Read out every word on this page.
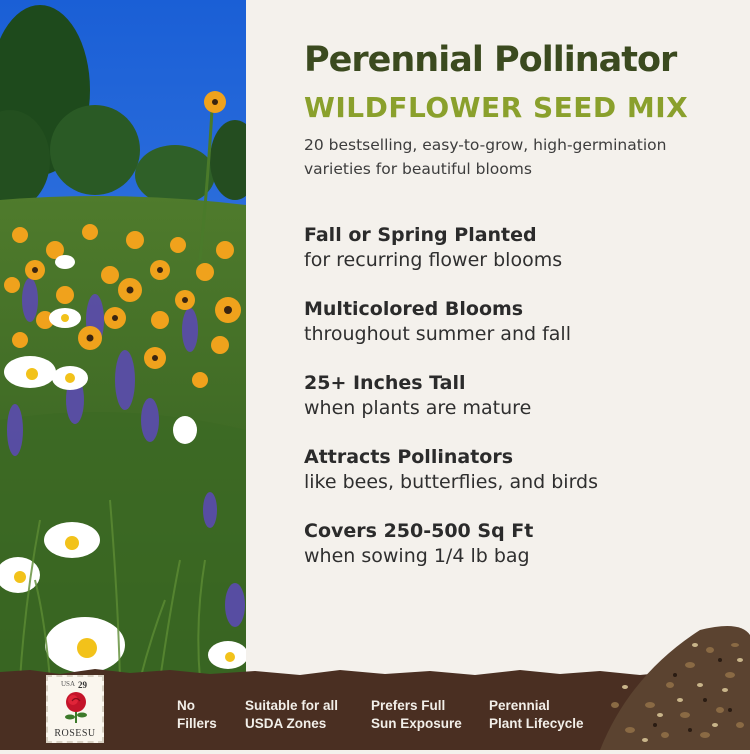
Perennial Pollinator
WILDFLOWER SEED MIX

20 bestselling, easy-to-grow, high-germination varieties for beautiful blooms

Fall or Spring Planted
for recurring flower blooms
Multicolored Blooms
throughout summer and fall
25+ Inches Tall
when plants are mature
Attracts Pollinators
like bees, butterflies, and birds
Covers 250-500 Sq Ft
when sowing 1/4 lb bag
USA 29
ROSESU
No
Fillers
Suitable for all
USDA Zones
Prefers Full
Sun Exposure
Perennial
Plant Lifecycle
